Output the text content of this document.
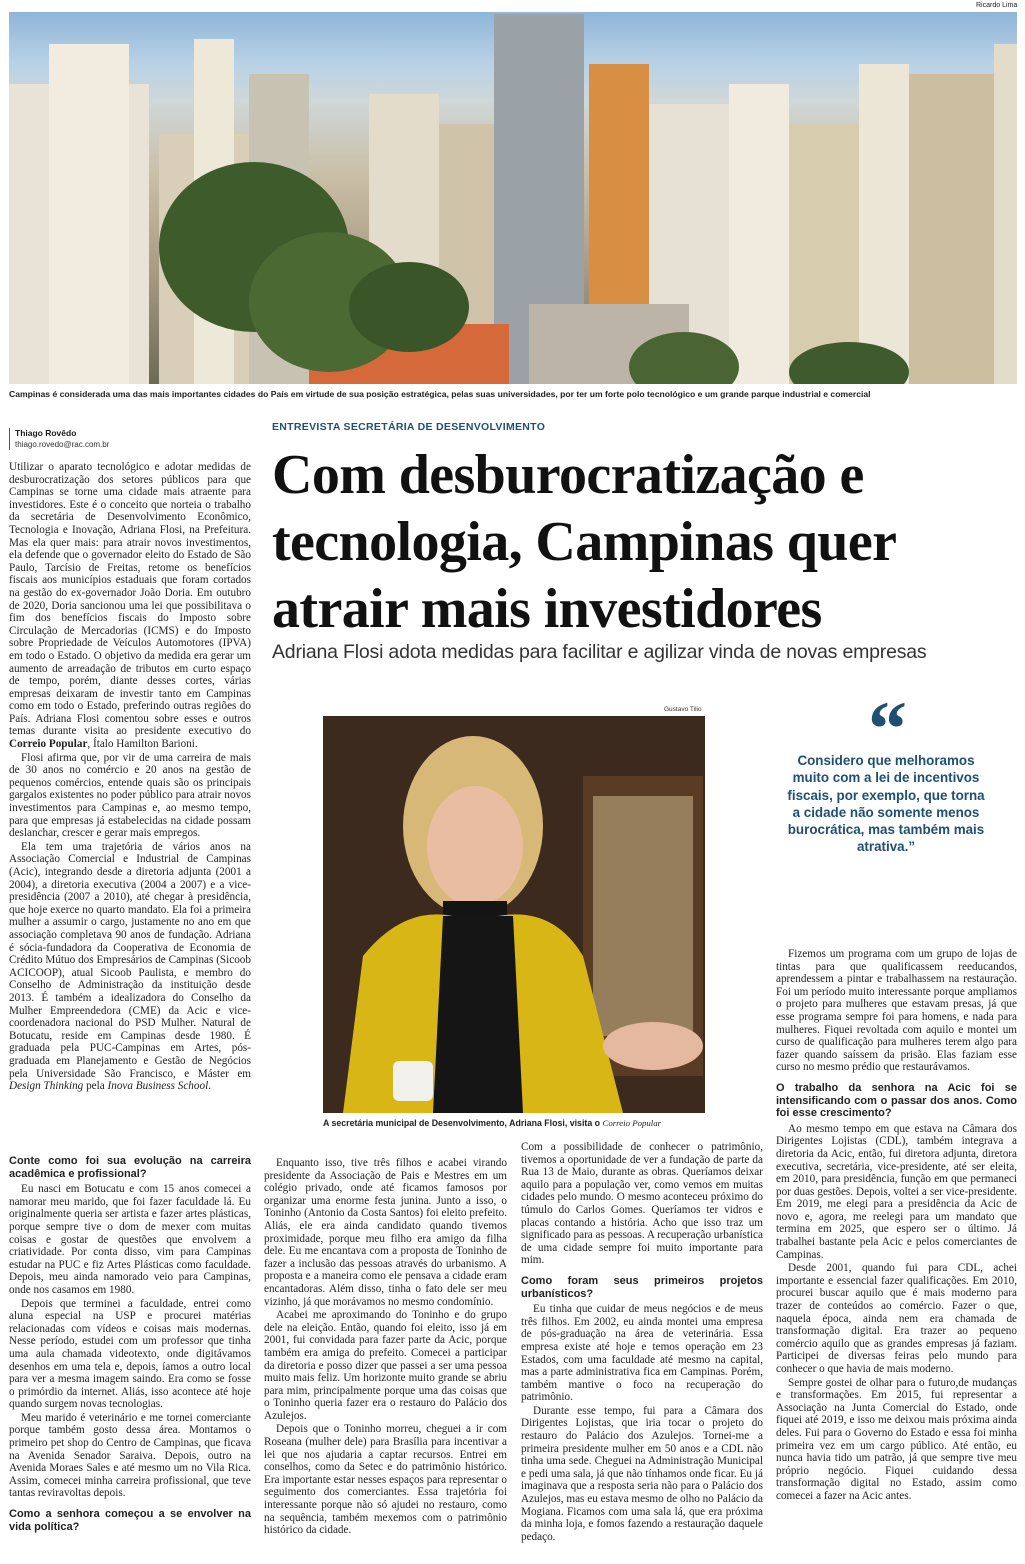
Ricardo Lima
Campinas é considerada uma das mais importantes cidades do País em virtude de sua posição estratégica, pelas suas universidades, por ter um forte polo tecnológico e um grande parque industrial e comercial
Thiago Rovêdo
thiago.rovedo@rac.com.br
ENTREVISTA SECRETÁRIA DE DESENVOLVIMENTO
Com desburocratização e
tecnologia, Campinas quer
atrair mais investidores
Adriana Flosi adota medidas para facilitar e agilizar vinda de novas empresas

Utilizar o aparato tecnológico e adotar medidas de desburocratização dos setores públicos para que Campinas se torne uma cidade mais atraente para investidores. Este é o conceito que norteia o trabalho da secretária de Desenvolvimento Econômico, Tecnologia e Inovação, Adriana Flosi, na Prefeitura. Mas ela quer mais: para atrair novos investimentos, ela defende que o governador eleito do Estado de São Paulo, Tarcísio de Freitas, retome os benefícios fiscais aos municípios estaduais que foram cortados na gestão do ex-governador João Doria. Em outubro de 2020, Doria sancionou uma lei que possibilitava o fim dos benefícios fiscais do Imposto sobre Circulação de Mercadorias (ICMS) e do Imposto sobre Propriedade de Veículos Automotores (IPVA) em todo o Estado. O objetivo da medida era gerar um aumento de arreadação de tributos em curto espaço de tempo, porém, diante desses cortes, várias empresas deixaram de investir tanto em Campinas como em todo o Estado, preferindo outras regiões do País. Adriana Flosi comentou sobre esses e outros temas durante visita ao presidente executivo do Correio Popular, Ítalo Hamilton Barioni.

Flosi afirma que, por vir de uma carreira de mais de 30 anos no comércio e 20 anos na gestão de pequenos comércios, entende quais são os principais gargalos existentes no poder público para atrair novos investimentos para Campinas e, ao mesmo tempo, para que empresas já estabelecidas na cidade possam deslanchar, crescer e gerar mais empregos.

Ela tem uma trajetória de vários anos na Associação Comercial e Industrial de Campinas (Acic), integrando desde a diretoria adjunta (2001 a 2004), a diretoria executiva (2004 a 2007) e a vice-presidência (2007 a 2010), até chegar à presidência, que hoje exerce no quarto mandato. Ela foi a primeira mulher a assumir o cargo, justamente no ano em que associação completava 90 anos de fundação. Adriana é sócia-fundadora da Cooperativa de Economia de Crédito Mútuo dos Empresários de Campinas (Sicoob ACICOOP), atual Sicoob Paulista, e membro do Conselho de Administração da instituição desde 2013. É também a idealizadora do Conselho da Mulher Empreendedora (CME) da Acic e vice-coordenadora nacional do PSD Mulher. Natural de Botucatu, reside em Campinas desde 1980. É graduada pela PUC-Campinas em Artes, pós-graduada em Planejamento e Gestão de Negócios pela Universidade São Francisco, e Máster em Design Thinking pela Inova Business School.

Gustavo Tilio
A secretária municipal de Desenvolvimento, Adriana Flosi, visita o Correio Popular
“
Considero que melhoramos muito com a lei de incentivos fiscais, por exemplo, que torna a cidade não somente menos burocrática, mas também mais atrativa.”

Conte como foi sua evolução na carreira acadêmica e profissional?

Eu nasci em Botucatu e com 15 anos comecei a namorar meu marido, que foi fazer faculdade lá. Eu originalmente queria ser artista e fazer artes plásticas, porque sempre tive o dom de mexer com muitas coisas e gostar de questões que envolvem a criatividade. Por conta disso, vim para Campinas estudar na PUC e fiz Artes Plásticas como faculdade. Depois, meu ainda namorado veio para Campinas, onde nos casamos em 1980.

Depois que terminei a faculdade, entrei como aluna especial na USP e procurei matérias relacionadas com vídeos e coisas mais modernas. Nesse período, estudei com um professor que tinha uma aula chamada videotexto, onde digitávamos desenhos em uma tela e, depois, íamos a outro local para ver a mesma imagem saindo. Era como se fosse o primórdio da internet. Aliás, isso acontece até hoje quando surgem novas tecnologias.

Meu marido é veterinário e me tornei comerciante porque também gosto dessa área. Montamos o primeiro pet shop do Centro de Campinas, que ficava na Avenida Senador Saraiva. Depois, outro na Avenida Moraes Sales e até mesmo um no Vila Rica. Assim, comecei minha carreira profissional, que teve tantas reviravoltas depois.

Como a senhora começou a se envolver na vida política?

Enquanto isso, tive três filhos e acabei virando presidente da Associação de Pais e Mestres em um colégio privado, onde até ficamos famosos por organizar uma enorme festa junina. Junto a isso, o Toninho (Antonio da Costa Santos) foi eleito prefeito. Aliás, ele era ainda candidato quando tivemos proximidade, porque meu filho era amigo da filha dele. Eu me encantava com a proposta de Toninho de fazer a inclusão das pessoas através do urbanismo. A proposta e a maneira como ele pensava a cidade eram encantadoras. Além disso, tinha o fato dele ser meu vizinho, já que morávamos no mesmo condomínio.

Acabei me aproximando do Toninho e do grupo dele na eleição. Então, quando foi eleito, isso já em 2001, fui convidada para fazer parte da Acic, porque também era amiga do prefeito. Comecei a participar da diretoria e posso dizer que passei a ser uma pessoa muito mais feliz. Um horizonte muito grande se abriu para mim, principalmente porque uma das coisas que o Toninho queria fazer era o restauro do Palácio dos Azulejos.

Depois que o Toninho morreu, cheguei a ir com Roseana (mulher dele) para Brasília para incentivar a lei que nos ajudaria a captar recursos. Entrei em conselhos, como da Setec e do patrimônio histórico. Era importante estar nesses espaços para representar o seguimento dos comerciantes. Essa trajetória foi interessante porque não só ajudei no restauro, como na sequência, também mexemos com o patrimônio histórico da cidade.

Com a possibilidade de conhecer o patrimônio, tivemos a oportunidade de ver a fundação de parte da Rua 13 de Maio, durante as obras. Queríamos deixar aquilo para a população ver, como vemos em muitas cidades pelo mundo. O mesmo aconteceu próximo do túmulo do Carlos Gomes. Queríamos ter vidros e placas contando a história. Acho que isso traz um significado para as pessoas. A recuperação urbanística de uma cidade sempre foi muito importante para mim.

Como foram seus primeiros projetos urbanísticos?

Eu tinha que cuidar de meus negócios e de meus três filhos. Em 2002, eu ainda montei uma empresa de pós-graduação na área de veterinária. Essa empresa existe até hoje e temos operação em 23 Estados, com uma faculdade até mesmo na capital, mas a parte administrativa fica em Campinas. Porém, também mantive o foco na recuperação do patrimônio.

Durante esse tempo, fui para a Câmara dos Dirigentes Lojistas, que iria tocar o projeto do restauro do Palácio dos Azulejos. Tornei-me a primeira presidente mulher em 50 anos e a CDL não tinha uma sede. Cheguei na Administração Municipal e pedi uma sala, já que não tínhamos onde ficar. Eu já imaginava que a resposta seria não para o Palácio dos Azulejos, mas eu estava mesmo de olho no Palácio da Mogiana. Ficamos com uma sala lá, que era próxima da minha loja, e fomos fazendo a restauração daquele pedaço.

Fizemos um programa com um grupo de lojas de tintas para que qualificassem reeducandos, aprendessem a pintar e trabalhassem na restauração. Foi um período muito interessante porque ampliamos o projeto para mulheres que estavam presas, já que esse programa sempre foi para homens, e nada para mulheres. Fiquei revoltada com aquilo e montei um curso de qualificação para mulheres terem algo para fazer quando saíssem da prisão. Elas faziam esse curso no mesmo prédio que restaurávamos.

O trabalho da senhora na Acic foi se intensificando com o passar dos anos. Como foi esse crescimento?

Ao mesmo tempo em que estava na Câmara dos Dirigentes Lojistas (CDL), também integrava a diretoria da Acic, então, fui diretora adjunta, diretora executiva, secretária, vice-presidente, até ser eleita, em 2010, para presidência, função em que permaneci por duas gestões. Depois, voltei a ser vice-presidente. Em 2019, me elegi para a presidência da Acic de novo e, agora, me reelegi para um mandato que termina em 2025, que espero ser o último. Já trabalhei bastante pela Acic e pelos comerciantes de Campinas.

Desde 2001, quando fui para CDL, achei importante e essencial fazer qualificações. Em 2010, procurei buscar aquilo que é mais moderno para trazer de conteúdos ao comércio. Fazer o que, naquela época, ainda nem era chamada de transformação digital. Era trazer ao pequeno comércio aquilo que as grandes empresas já faziam. Participei de diversas feiras pelo mundo para conhecer o que havia de mais moderno.

Sempre gostei de olhar para o futuro,de mudanças e transformações. Em 2015, fui representar a Associação na Junta Comercial do Estado, onde fiquei até 2019, e isso me deixou mais próxima ainda deles. Fui para o Governo do Estado e essa foi minha primeira vez em um cargo público. Até então, eu nunca havia tido um patrão, já que sempre tive meu próprio negócio. Fiquei cuidando dessa transformação digital no Estado, assim como comecei a fazer na Acic antes.
